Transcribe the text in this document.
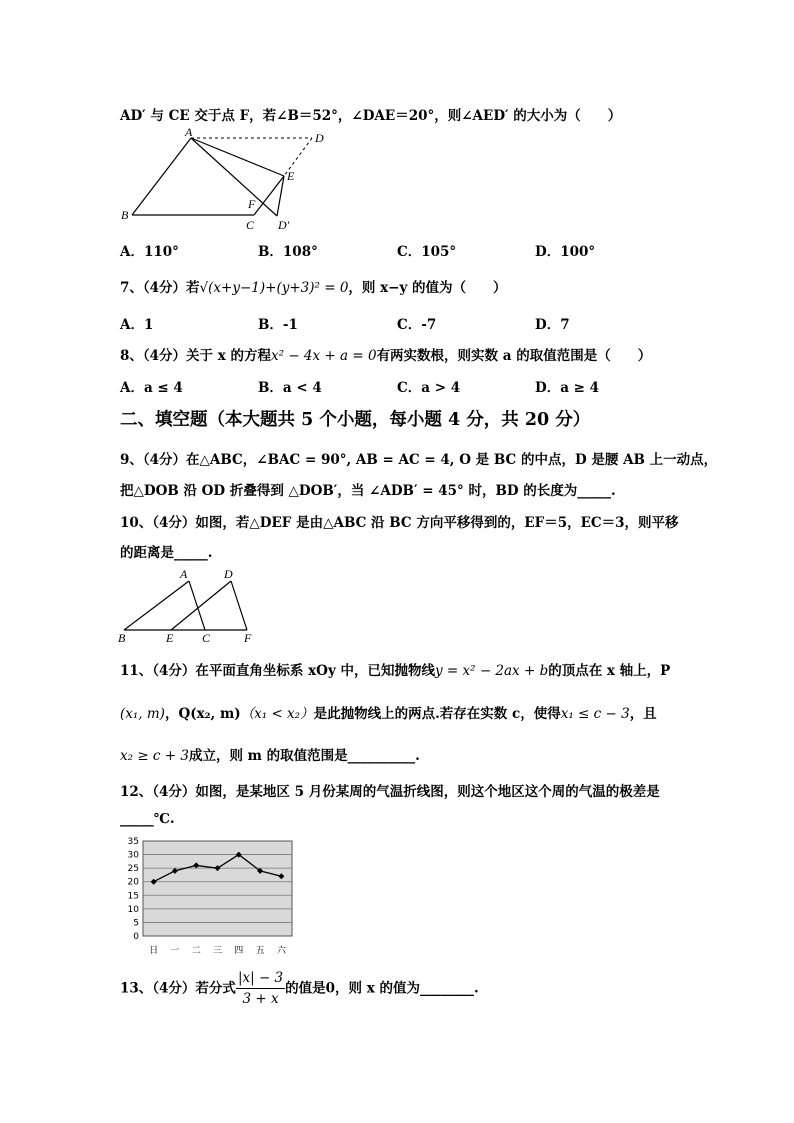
AD′ 与 CE 交于点 F，若∠B＝52°，∠DAE＝20°，则∠AED′ 的大小为（　　）
A
B
C
D
E
F
D′
A．110°	B．108°	C．105°	D．100°
7、（4分）若√(x+y−1)+(y+3)² = 0，则 x−y 的值为（　　）
A．1	B．-1	C．-7	D．7
8、（4分）关于 x 的方程x² − 4x + a = 0有两实数根，则实数 a 的取值范围是（　　）
A．a ≤ 4	B．a < 4	C．a > 4	D．a ≥ 4
二、填空题（本大题共 5 个小题，每小题 4 分，共 20 分）
9、（4分）在△ABC，∠BAC = 90°, AB = AC = 4, O 是 BC 的中点，D 是腰 AB 上一动点，
把△DOB 沿 OD 折叠得到 △DOB′，当 ∠ADB′ = 45° 时，BD 的长度为_____.
10、（4分）如图，若△DEF 是由△ABC 沿 BC 方向平移得到的，EF＝5，EC＝3，则平移
的距离是_____.
A
B	C
D
E	F
11、（4分）在平面直角坐标系 xOy 中，已知抛物线y = x² − 2ax + b的顶点在 x 轴上，P
(x₁, m)，Q(x₂, m)（x₁ < x₂）是此抛物线上的两点.若存在实数 c，使得x₁ ≤ c − 3，且
x₂ ≥ c + 3成立，则 m 的取值范围是__________.
12、（4分）如图，是某地区 5 月份某周的气温折线图，则这个地区这个周的气温的极差是
_____℃.
35
30
25
20
15
10
5
0
日 一 二 三 四 五 六
13、（4分）若分式 $\frac{|x| - 3}{3 + x}$ 的值是0，则 x 的值为________.
